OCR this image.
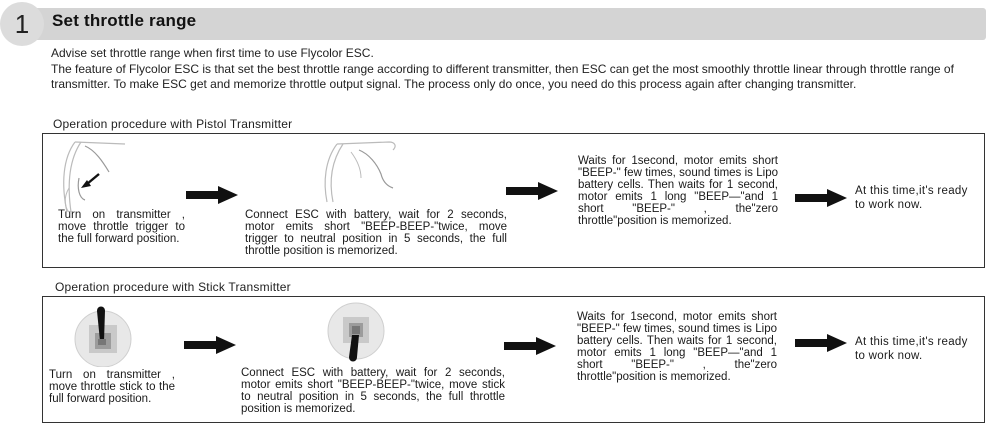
1	Set throttle range

Advise set throttle range when first time to use Flycolor ESC.

The feature of Flycolor ESC is that set the best throttle range according to different transmitter, then ESC can get the most smoothly throttle linear through throttle range of transmitter. To make ESC get and memorize throttle output signal. The process only do once, you need do this process again after changing transmitter.

Operation procedure with Pistol Transmitter
Turn on transmitter , move throttle trigger to the full forward position.
Connect ESC with battery, wait for 2 seconds, motor emits short "BEEP-BEEP-"twice, move trigger to neutral position in 5 seconds, the full throttle position is memorized.
Waits for 1second, motor emits short "BEEP-" few times, sound times is Lipo battery cells. Then waits for 1 second, motor emits 1 long "BEEP—"and 1 short "BEEP-" , the"zero throttle"position is memorized.
At this time,it's ready to work now.
Operation procedure with Stick Transmitter
Turn on transmitter , move throttle stick to the full forward position.
Connect ESC with battery, wait for 2 seconds, motor emits short "BEEP-BEEP-"twice, move stick to neutral position in 5 seconds, the full throttle position is memorized.
Waits for 1second, motor emits short "BEEP-" few times, sound times is Lipo battery cells. Then waits for 1 second, motor emits 1 long "BEEP—"and 1 short "BEEP-" , the"zero throttle"position is memorized.
At this time,it's ready to work now.
